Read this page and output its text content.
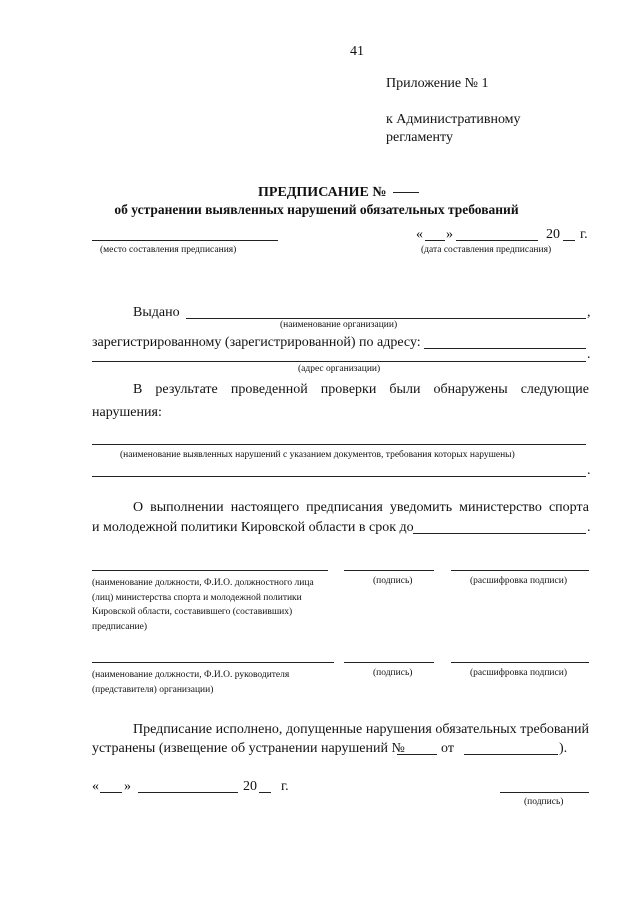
41
Приложение № 1
к Административному
регламенту
ПРЕДПИСАНИЕ №
об устранении выявленных нарушений обязательных требований
(место составления предписания)
« »	20 г.
(дата составления предписания)
Выдано	,
(наименование организации)
зарегистрированному (зарегистрированной) по адресу:
.
(адрес организации)
В результате проведенной проверки были обнаружены следующие
нарушения:
(наименование выявленных нарушений с указанием документов, требования которых нарушены)
.
О выполнении настоящего предписания уведомить министерство спорта
и молодежной политики Кировской области в срок до	.
(наименование должности, Ф.И.О. должностного лица
(лиц) министерства спорта и молодежной политики
Кировской области, составившего (составивших)
предписание)
(подпись)	(расшифровка подписи)
(наименование должности, Ф.И.О. руководителя
(представителя) организации)
(подпись)	(расшифровка подписи)
Предписание исполнено, допущенные нарушения обязательных требований
устранены (извещение об устранении нарушений №	от	).
« »	20 г.
(подпись)
